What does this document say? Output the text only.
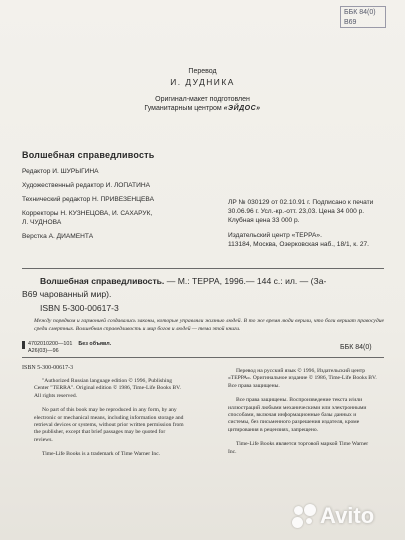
ББК 84(0)
В69
Перевод
И. ДУДНИКА
Оригинал-макет подготовлен
Гуманитарным центром «ЭЙДОС»
Волшебная справедливость
Редактор И. ШУРЫГИНА
Художественный редактор И. ЛОПАТИНА
Технический редактор Н. ПРИВЕЗЕНЦЕВА
Корректоры Н. КУЗНЕЦОВА, И. САХАРУК,
Л. ЧУДНОВА
Верстка А. ДИАМЕНТА
ЛР № 030129 от 02.10.91 г. Подписано к печати
30.06.96 г. Усл.-кр.-отт. 23,03. Цена 34 000 р.
Клубная цена 33 000 р.
Издательский центр «ТЕРРА».
113184, Москва, Озерковская наб., 18/1, к. 27.
Волшебная справедливость. — М.: ТЕРРА, 1996.— 144 с.: ил. — (За-
В69 чарованный мир).
ISBN 5-300-00617-3
Между порядком и гармонией создавались законы, которые управляли жизнью людей. В то же время люди верили, что боги вершат правосудие среди смертных. Волшебная справедливость и мир богов и людей — тема этой книги.
4702010200—101
А26(03)—96
Без объявл.	ББК 84(0)
ISBN 5-300-00617-3

"Authorized Russian language edition © 1996, Publishing Center "TERRA". Original edition © 1986, Time-Life Books BV. All rights reserved.

No part of this book may be reproduced in any form, by any electronic or mechanical means, including information storage and retrieval devices or systems, without prior written permission from the publisher, except that brief passages may be quoted for reviews.

Time-Life Books is a trademark of Time Warner Inc.

Перевод на русский язык © 1996, Издательский центр «ТЕРРА». Оригинальное издание © 1986, Time-Life Books BV. Все права защищены.

Все права защищены. Воспроизведение текста и/или иллюстраций любыми механическими или электронными способами, включая информационные базы данных и системы, без письменного разрешения издателя, кроме цитирования в рецензиях, запрещено.

Time-Life Books является торговой маркой Time Warner Inc.

Avito
